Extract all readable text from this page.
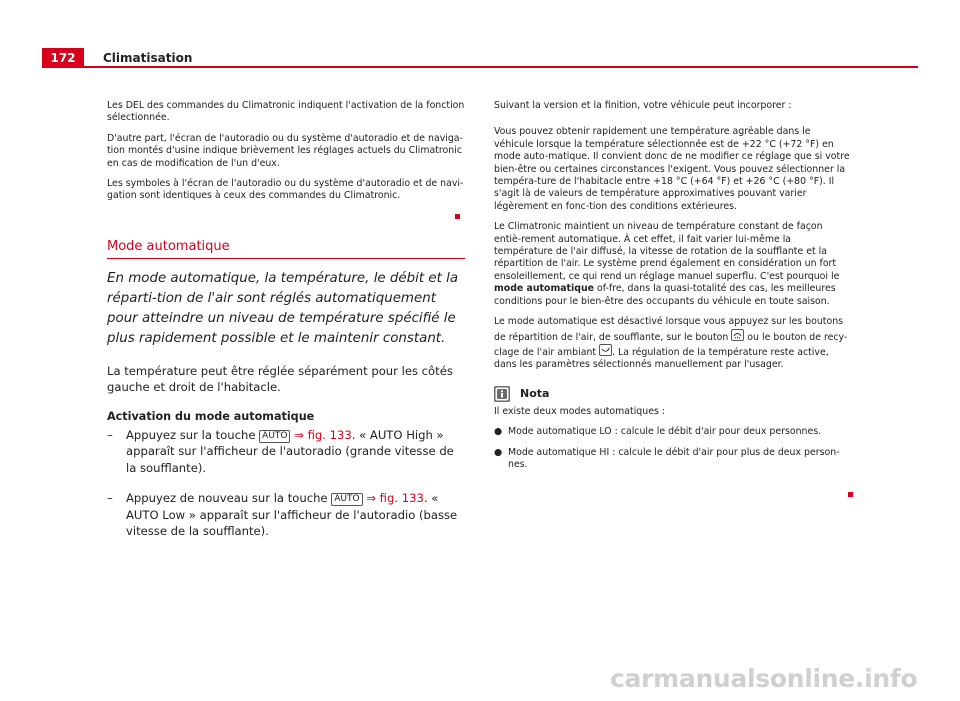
172	Climatisation

Les DEL des commandes du Climatronic indiquent l'activation de la fonction sélectionnée.

D'autre part, l'écran de l'autoradio ou du système d'autoradio et de naviga-tion montés d'usine indique brièvement les réglages actuels du Climatronic en cas de modification de l'un d'eux.

Les symboles à l'écran de l'autoradio ou du système d'autoradio et de navi-gation sont identiques à ceux des commandes du Climatronic.

Mode automatique

En mode automatique, la température, le débit et la réparti-tion de l'air sont réglés automatiquement pour atteindre un niveau de température spécifié le plus rapidement possible et le maintenir constant.

La température peut être réglée séparément pour les côtés gauche et droit de l'habitacle.

Activation du mode automatique
– Appuyez sur la touche AUTO ⇒ fig. 133. « AUTO High » apparaît sur l'afficheur de l'autoradio (grande vitesse de la soufflante).
– Appuyez de nouveau sur la touche AUTO ⇒ fig. 133. « AUTO Low » apparaît sur l'afficheur de l'autoradio (basse vitesse de la soufflante).

Suivant la version et la finition, votre véhicule peut incorporer :

Vous pouvez obtenir rapidement une température agréable dans le véhicule lorsque la température sélectionnée est de +22 °C (+72 °F) en mode auto-matique. Il convient donc de ne modifier ce réglage que si votre bien-être ou certaines circonstances l'exigent. Vous pouvez sélectionner la tempéra-ture de l'habitacle entre +18 °C (+64 °F) et +26 °C (+80 °F). Il s'agit là de valeurs de température approximatives pouvant varier légèrement en fonc-tion des conditions extérieures.

Le Climatronic maintient un niveau de température constant de façon entiè-rement automatique. À cet effet, il fait varier lui-même la température de l'air diffusé, la vitesse de rotation de la soufflante et la répartition de l'air. Le système prend également en considération un fort ensoleillement, ce qui rend un réglage manuel superflu. C'est pourquoi le mode automatique of-fre, dans la quasi-totalité des cas, les meilleures conditions pour le bien-être des occupants du véhicule en toute saison.

Le mode automatique est désactivé lorsque vous appuyez sur les boutons de répartition de l'air, de soufflante, sur le bouton
ou le bouton de recy-clage de l'air ambiant
. La régulation de la température reste active, dans les paramètres sélectionnés manuellement par l'usager.

Nota

Il existe deux modes automatiques :

● Mode automatique LO : calcule le débit d'air pour deux personnes.

● Mode automatique HI : calcule le débit d'air pour plus de deux person-nes.

carmanualsonline.info
